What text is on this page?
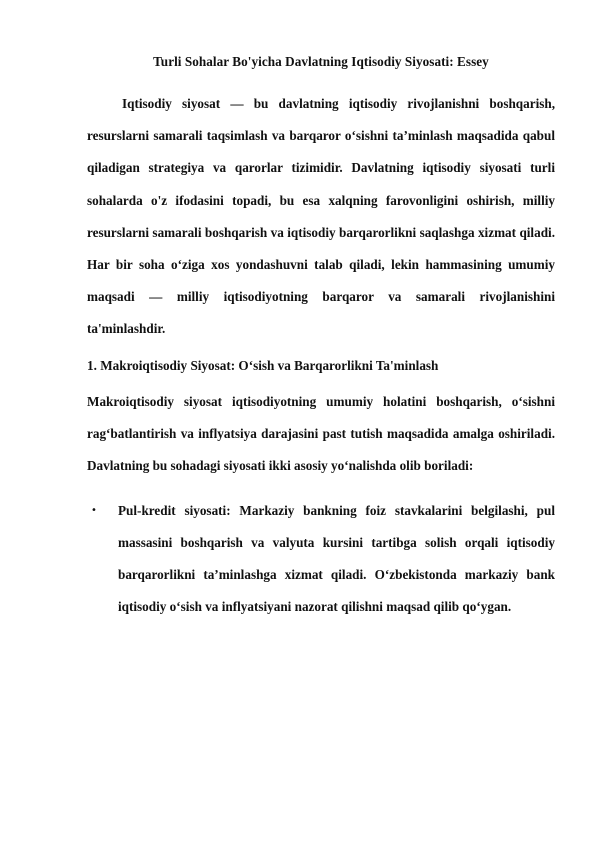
Turli Sohalar Bo'yicha Davlatning Iqtisodiy Siyosati: Essey

Iqtisodiy siyosat — bu davlatning iqtisodiy rivojlanishni boshqarish, resurslarni samarali taqsimlash va barqaror o‘sishni ta’minlash maqsadida qabul qiladigan strategiya va qarorlar tizimidir. Davlatning iqtisodiy siyosati turli sohalarda o'z ifodasini topadi, bu esa xalqning farovonligini oshirish, milliy resurslarni samarali boshqarish va iqtisodiy barqarorlikni saqlashga xizmat qiladi. Har bir soha o‘ziga xos yondashuvni talab qiladi, lekin hammasining umumiy maqsadi — milliy iqtisodiyotning barqaror va samarali rivojlanishini ta'minlashdir.

1. Makroiqtisodiy Siyosat: O‘sish va Barqarorlikni Ta'minlash

Makroiqtisodiy siyosat iqtisodiyotning umumiy holatini boshqarish, o‘sishni rag‘batlantirish va inflyatsiya darajasini past tutish maqsadida amalga oshiriladi. Davlatning bu sohadagi siyosati ikki asosiy yo‘nalishda olib boriladi:

• Pul-kredit siyosati: Markaziy bankning foiz stavkalarini belgilashi, pul massasini boshqarish va valyuta kursini tartibga solish orqali iqtisodiy barqarorlikni ta’minlashga xizmat qiladi. O‘zbekistonda markaziy bank iqtisodiy o‘sish va inflyatsiyani nazorat qilishni maqsad qilib qo‘ygan.
